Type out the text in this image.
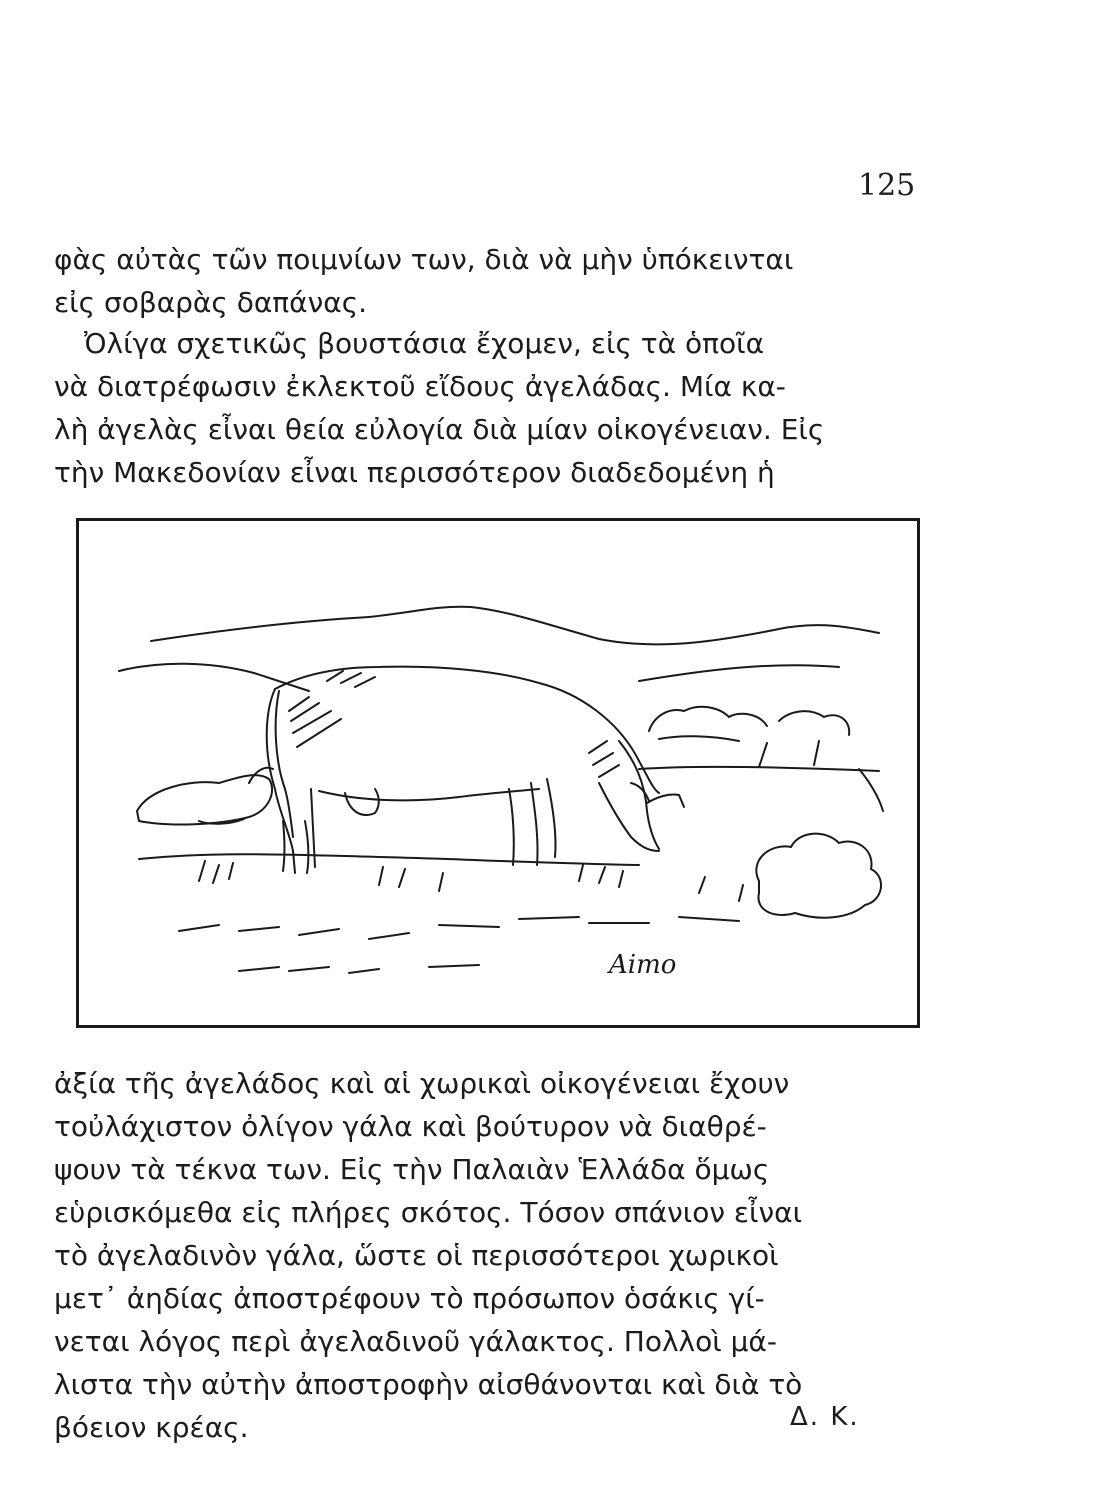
125

φὰς αὐτὰς τῶν ποιμνίων των, διὰ νὰ μὴν ὑπόκεινται
εἰς σοβαρὰς δαπάνας.

Ὀλίγα σχετικῶς βουστάσια ἔχομεν, εἰς τὰ ὁποῖα
νὰ διατρέφωσιν ἐκλεκτοῦ εἴδους ἀγελάδας. Μία κα-
λὴ ἀγελὰς εἶναι θεία εὐλογία διὰ μίαν οἰκογένειαν. Εἰς
τὴν Μακεδονίαν εἶναι περισσότερον διαδεδομένη ἡ

Aimo

ἀξία τῆς ἀγελάδος καὶ αἱ χωρικαὶ οἰκογένειαι ἔχουν
τοὐλάχιστον ὀλίγον γάλα καὶ βούτυρον νὰ διαθρέ-
ψουν τὰ τέκνα των. Εἰς τὴν Παλαιὰν Ἑλλάδα ὅμως
εὑρισκόμεθα εἰς πλήρες σκότος. Τόσον σπάνιον εἶναι
τὸ ἀγελαδινὸν γάλα, ὥστε οἱ περισσότεροι χωρικοὶ
μετ᾽ ἀηδίας ἀποστρέφουν τὸ πρόσωπον ὁσάκις γί-
νεται λόγος περὶ ἀγελαδινοῦ γάλακτος. Πολλοὶ μά-
λιστα τὴν αὐτὴν ἀποστροφὴν αἰσθάνονται καὶ διὰ τὸ
βόειον κρέας.	Δ. Κ.
